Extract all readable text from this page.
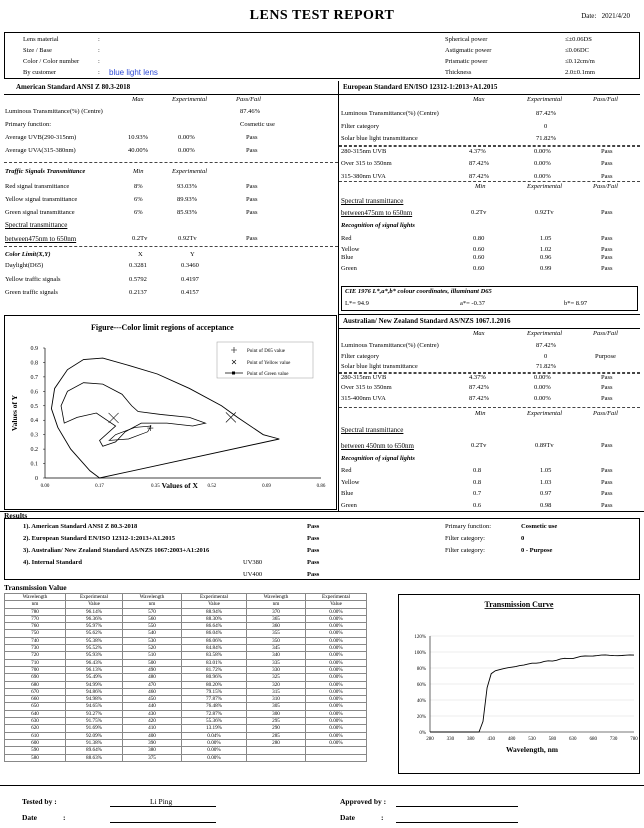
LENS TEST REPORT	Date: 2021/4/20
Lens material	:
Size / Base	:
Color / Color number	:
By customer	: blue light lens
Spherical power	≤±0.06DS
Astigmatic power	≤0.06DC
Prismatic power	≤0.12cm/m
Thickness	2.0±0.1mm
American Standard ANSI Z 80.3-2018
Max	Experimental	Pass/Fail
Luminous Transmittance(%) (Centre)	87.46%
Primary function:	Cosmetic use
Average UVB(290-315nm)	10.93%	0.00%	Pass
Average UVA(315-380nm)	40.00%	0.00%	Pass
Traffic Signals Transmittance	Min	Experimental
Red signal transmittance	8%	93.03%	Pass
Yellow signal transmittance	6%	89.93%	Pass
Green signal transmittance	6%	85.93%	Pass
Spectral transmittance
between475nm to 650nm	0.2Tv	0.92Tv	Pass
Color Limit(X,Y)	X	Y
Daylight(D65)	0.3281	0.3460
Yellow traffic signals	0.5792	0.4197
Green traffic signals	0.2137	0.4157
European Standard EN/ISO 12312-1:2013+A1.2015
Max	Experimental	Pass/Fail
Luminous Transmittance(%) (Centre)	87.42%
Filter category	0
Solar blue light transmittance	71.82%
280-315nm UVB	4.37%	0.00%	Pass
Over 315 to 350nm	87.42%	0.00%	Pass
315-380nm UVA	87.42%	0.00%	Pass
Min	Experimental	Pass/Fail
Spectral transmittance
between475nm to 650nm	0.2Tv	0.92Tv	Pass
Recognition of signal lights
Red	0.80	1.05	Pass
Yellow	0.60	1.02	Pass
Blue	0.60	0.96	Pass
Green	0.60	0.99	Pass
CIE 1976 L*,a*,b* colour coordinates, illuminant D65
L*= 94.9	a*= -0.37	b*= 8.97
Australian/ New Zealand Standard AS/NZS 1067.1.2016
Max	Experimental	Pass/Fail
Luminous Transmittance(%) (Centre)	87.42%
Filter category	0	Purpose
Solar blue light transmittance	71.82%
280-315nm UVB	4.37%	0.00%	Pass
Over 315 to 350nm	87.42%	0.00%	Pass
315-400nm UVA	87.42%	0.00%	Pass
Min	Experimental	Pass/Fail
Spectral transmittance
between 450nm to 650nm	0.2Tv	0.89Tv	Pass
Recognition of signal lights
Red	0.8	1.05	Pass
Yellow	0.8	1.03	Pass
Blue	0.7	0.97	Pass
Green	0.6	0.98	Pass
Figure---Color limit regions of acceptance
0.9
0.8
0.7
0.6
0.5
0.4
0.3
0.2
0.1
0
0.00	0.17	0.52	0.69	0.86
0.35 Values of X
Values of Y
Point of D65 value
Point of Yellow value
Point of Green value
Results
1). American Standard ANSI Z 80.3-2018	Pass
2). European Standard EN/ISO 12312-1:2013+A1.2015	Pass
3). Australian/ New Zealand Standard AS/NZS 1067:2003+A1:2016	Pass
4). Internal Standard	UV380	Pass
UV400	Pass
Primary function:	Cosmetic use
Filter category:	0
Filter category:	0 - Purpose
Transmission Value
Wavelength	Experimental	Wavelength	Experimental	Wavelength	Experimental
nm	Value	nm	Value	nm	Value
780	96.14%	570	88.94%	370	0.00%
770	96.36%	560	88.30%	365	0.00%
760	95.97%	550	86.64%	360	0.00%
750	95.62%	540	86.04%	355	0.00%
740	95.38%	530	86.06%	350	0.00%
730	95.52%	520	84.84%	345	0.00%
720	95.93%	510	83.58%	340	0.00%
710	96.43%	500	83.01%	335	0.00%
700	96.13%	490	81.72%	330	0.00%
690	95.49%	480	80.96%	325	0.00%
680	94.99%	470	80.20%	320	0.00%
670	94.86%	460	79.15%	315	0.00%
660	94.98%	450	77.87%	310	0.00%
650	94.65%	440	76.48%	305	0.00%
640	93.27%	430	72.87%	300	0.00%
630	91.75%	420	55.36%	295	0.00%
620	91.69%	410	13.19%	290	0.00%
610	92.09%	400	0.04%	285	0.00%
600	91.38%	390	0.00%	280	0.00%
590	89.64%	380	0.00%		
580	88.63%	375	0.00%		
Transmission Curve
0%
20%
40%
60%
80%
100%
120%
280	330	380	430	480	530	580	630	680	730	780
Wavelength, nm
Tested by :	Li Ping	Approved by :
Date	:	Date	:
